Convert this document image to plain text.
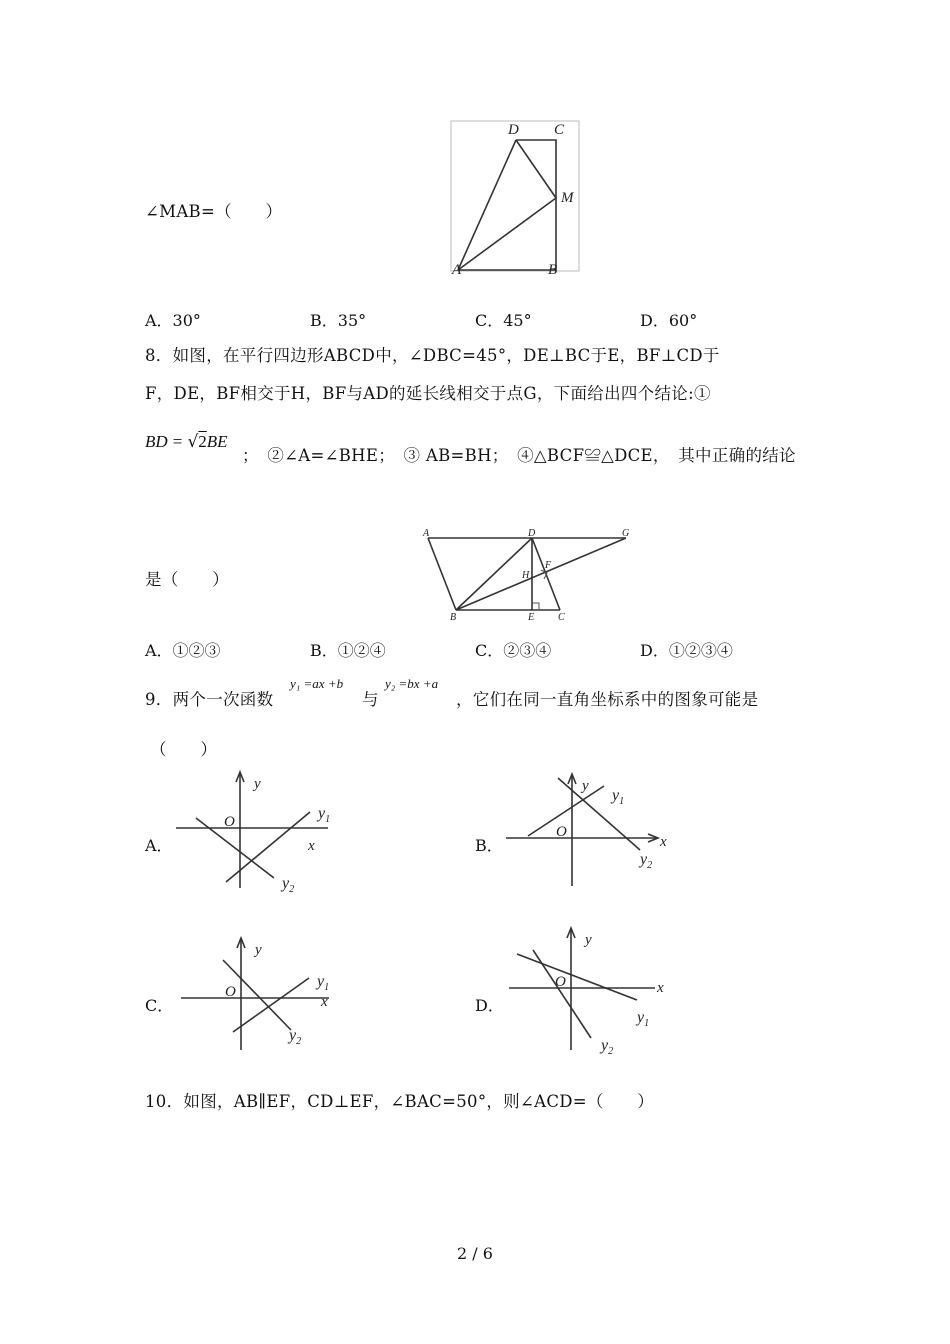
∠MAB=（　　）
D C
M
A	B
A．30°	B．35°	C．45°	D．60°
8．如图，在平行四边形ABCD中，∠DBC=45°，DE⊥BC于E，BF⊥CD于
F，DE，BF相交于H，BF与AD的延长线相交于点G，下面给出四个结论:①
BD = √2BE
；　②∠A=∠BHE；　③ AB=BH；　④△BCF≌△DCE，　其中正确的结论
是（　　）
A	D	G
F
H
B	E C
A．①②③	B．①②④	C．②③④	D．①②③④
9．两个一次函数
y₁ =ax +b
与
y₂ =bx +a
，它们在同一直角坐标系中的图象可能是
（　　）
A．
y
O
x
$y_1$
$y_2$
B．
y
O
x
$y_1$
$y_2$
C．
y
O
x
$y_1$
$y_2$
D．
y
O	x
$y_1$
$y_2$
10．如图，AB∥EF，CD⊥EF，∠BAC=50°，则∠ACD=（　　）
2 / 6
